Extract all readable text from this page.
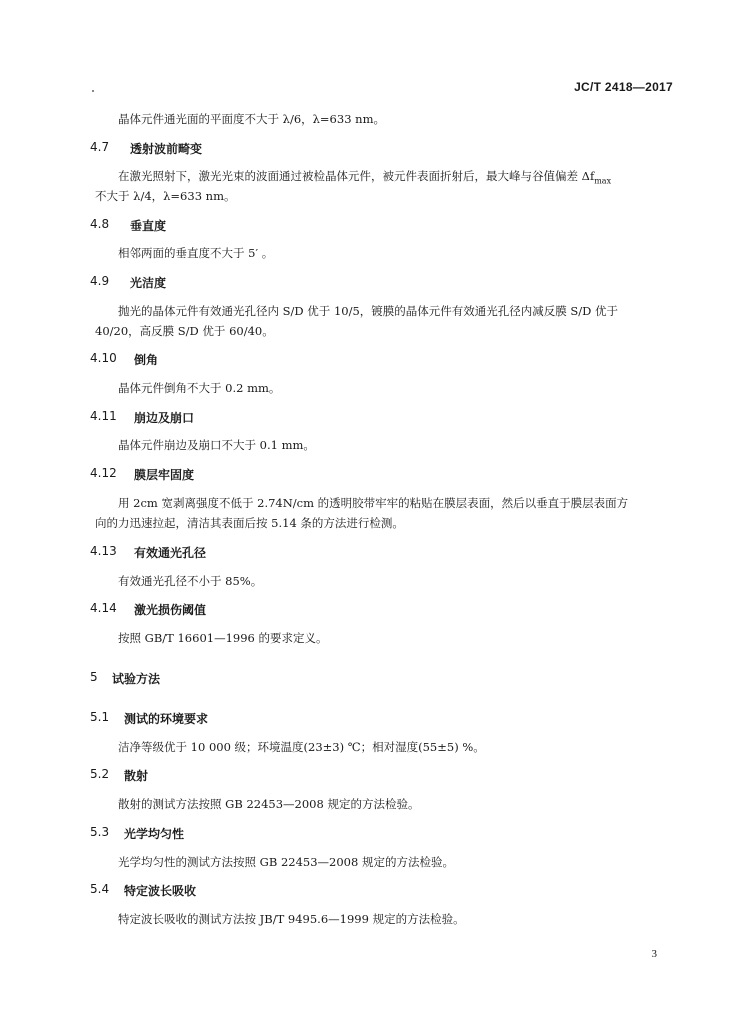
JC/T 2418—2017
晶体元件通光面的平面度不大于 λ/6，λ=633 nm。
4.7 透射波前畸变
在激光照射下，激光光束的波面通过被检晶体元件，被元件表面折射后，最大峰与谷值偏差 $\Delta f_{max}$
不大于 λ/4，λ=633 nm。
4.8 垂直度
相邻两面的垂直度不大于 5′ 。
4.9 光洁度
抛光的晶体元件有效通光孔径内 S/D 优于 10/5，镀膜的晶体元件有效通光孔径内减反膜 S/D 优于
40/20，高反膜 S/D 优于 60/40。
4.10 倒角
晶体元件倒角不大于 0.2 mm。
4.11 崩边及崩口
晶体元件崩边及崩口不大于 0.1 mm。
4.12 膜层牢固度
用 2cm 宽剥离强度不低于 2.74N/cm 的透明胶带牢牢的粘贴在膜层表面，然后以垂直于膜层表面方
向的力迅速拉起，清洁其表面后按 5.14 条的方法进行检测。
4.13 有效通光孔径
有效通光孔径不小于 85%。
4.14 激光损伤阈值
按照 GB/T 16601—1996 的要求定义。
5 试验方法
5.1 测试的环境要求
洁净等级优于 10 000 级；环境温度(23±3) ℃；相对湿度(55±5) %。
5.2 散射
散射的测试方法按照 GB 22453—2008 规定的方法检验。
5.3 光学均匀性
光学均匀性的测试方法按照 GB 22453—2008 规定的方法检验。
5.4 特定波长吸收
特定波长吸收的测试方法按 JB/T 9495.6—1999 规定的方法检验。
3
